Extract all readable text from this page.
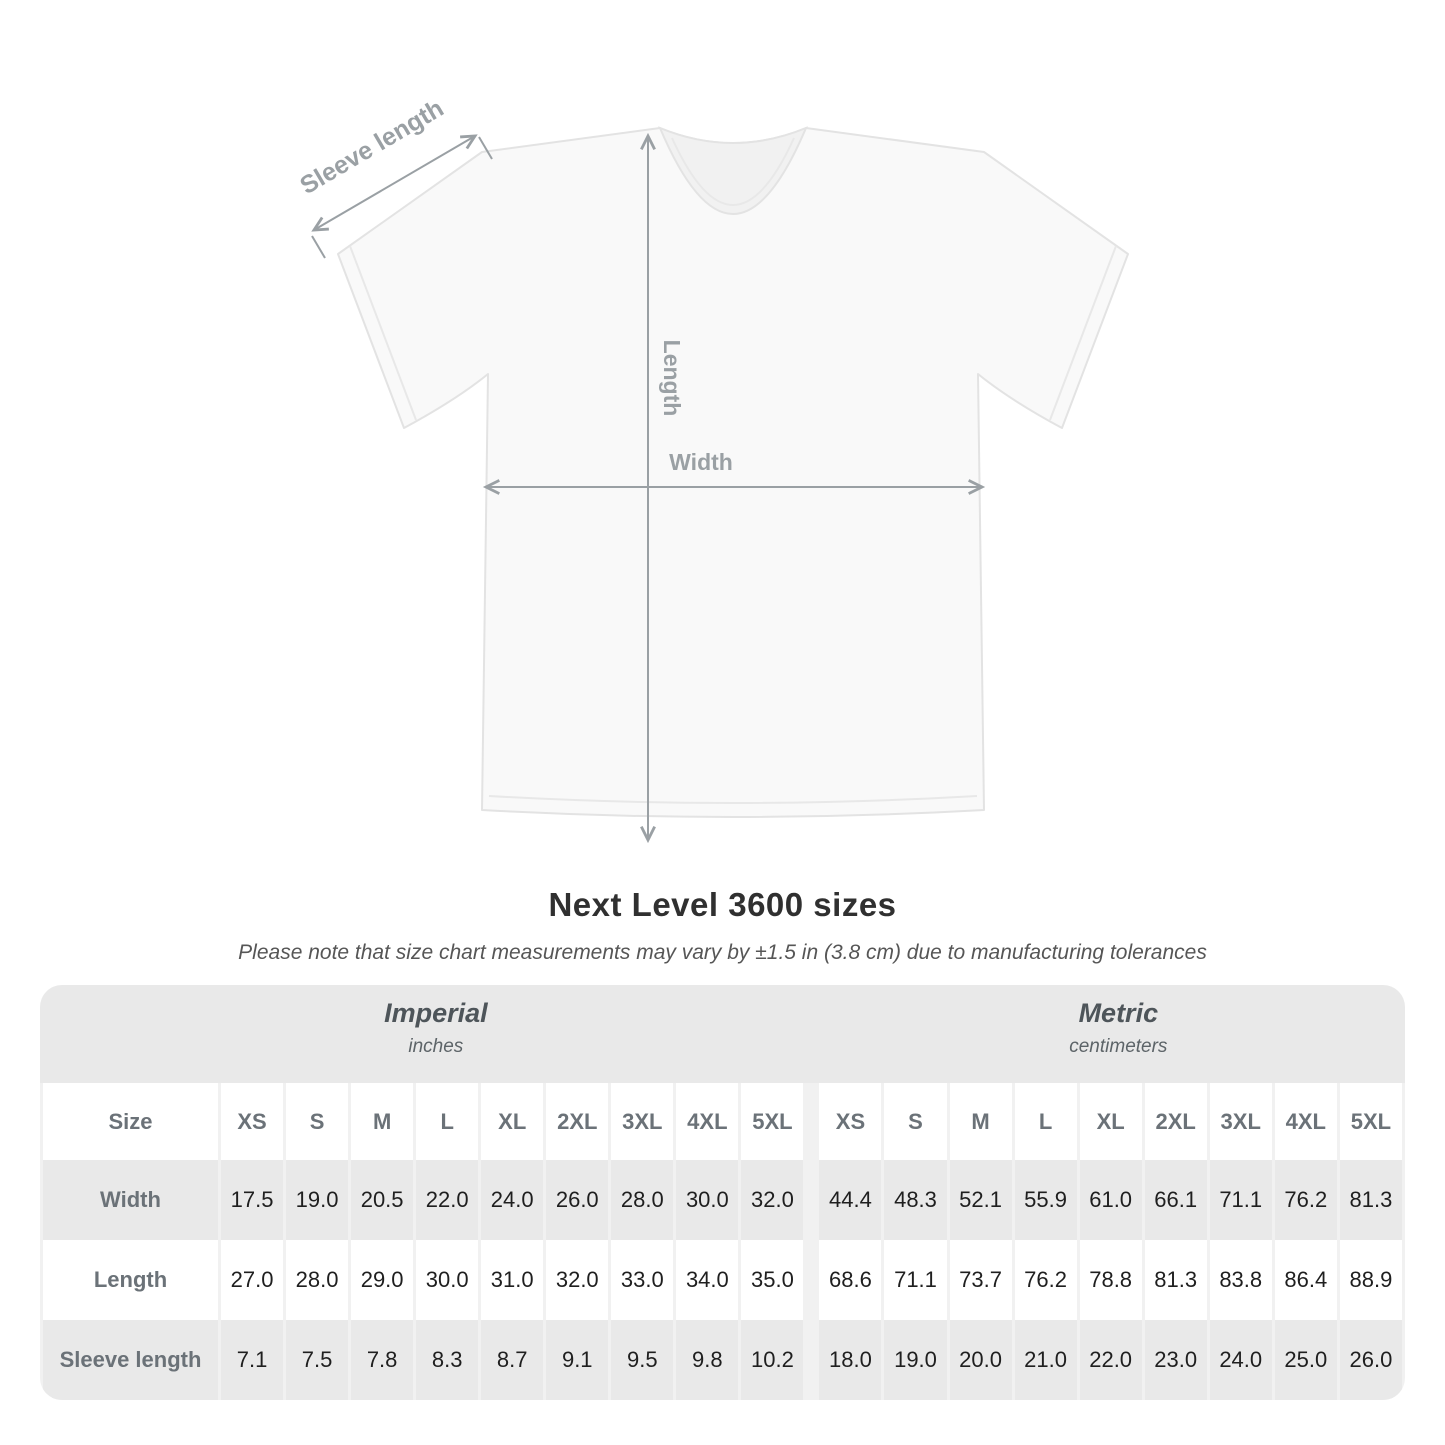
Sleeve length
Length
Width
Next Level 3600 sizes
Please note that size chart measurements may vary by ±1.5 in (3.8 cm) due to manufacturing tolerances
Imperial
inches
Metric
centimeters
Size	XS	S	M	L	XL	2XL	3XL	4XL	5XL		XS	S	M	L	XL	2XL	3XL	4XL	5XL
Width	17.5	19.0	20.5	22.0	24.0	26.0	28.0	30.0	32.0		44.4	48.3	52.1	55.9	61.0	66.1	71.1	76.2	81.3
Length	27.0	28.0	29.0	30.0	31.0	32.0	33.0	34.0	35.0		68.6	71.1	73.7	76.2	78.8	81.3	83.8	86.4	88.9
Sleeve length	7.1	7.5	7.8	8.3	8.7	9.1	9.5	9.8	10.2		18.0	19.0	20.0	21.0	22.0	23.0	24.0	25.0	26.0
